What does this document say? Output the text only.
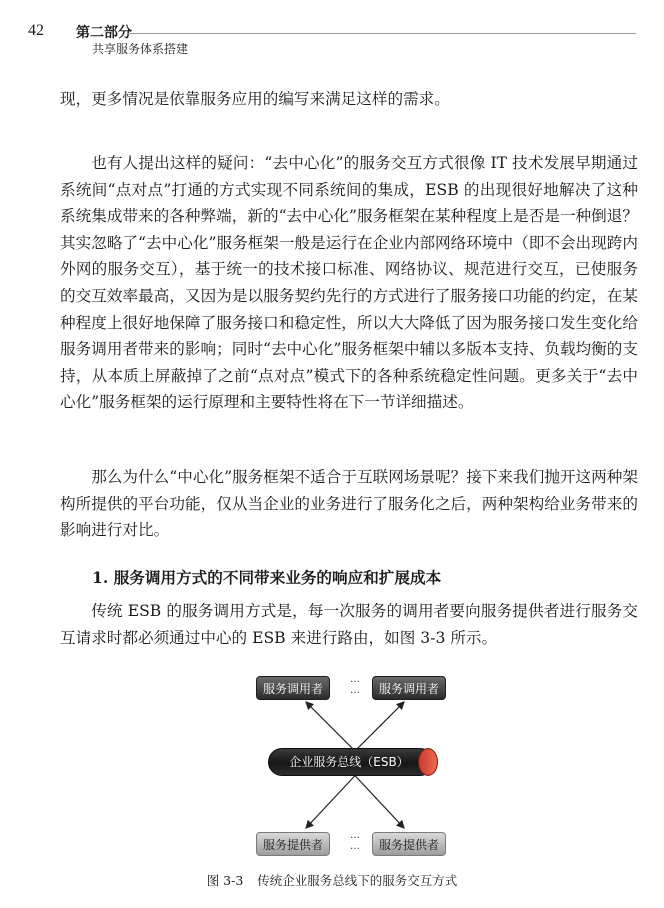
42 第二部分
共享服务体系搭建

现，更多情况是依靠服务应用的编写来满足这样的需求。

也有人提出这样的疑问：“去中心化”的服务交互方式很像 IT 技术发展早期通过系统间“点对点”打通的方式实现不同系统间的集成，ESB 的出现很好地解决了这种系统集成带来的各种弊端，新的“去中心化”服务框架在某种程度上是否是一种倒退？其实忽略了“去中心化”服务框架一般是运行在企业内部网络环境中（即不会出现跨内外网的服务交互），基于统一的技术接口标准、网络协议、规范进行交互，已使服务的交互效率最高，又因为是以服务契约先行的方式进行了服务接口功能的约定，在某种程度上很好地保障了服务接口和稳定性，所以大大降低了因为服务接口发生变化给服务调用者带来的影响；同时“去中心化”服务框架中辅以多版本支持、负载均衡的支持，从本质上屏蔽掉了之前“点对点”模式下的各种系统稳定性问题。更多关于“去中心化”服务框架的运行原理和主要特性将在下一节详细描述。

那么为什么“中心化”服务框架不适合于互联网场景呢？接下来我们抛开这两种架构所提供的平台功能，仅从当企业的业务进行了服务化之后，两种架构给业务带来的影响进行对比。

1. 服务调用方式的不同带来业务的响应和扩展成本

传统 ESB 的服务调用方式是，每一次服务的调用者要向服务提供者进行服务交互请求时都必须通过中心的 ESB 来进行路由，如图 3-3 所示。

服务调用者
…
…	服务调用者
企业服务总线（ESB）
服务提供者
…
…	服务提供者
图 3-3 传统企业服务总线下的服务交互方式
